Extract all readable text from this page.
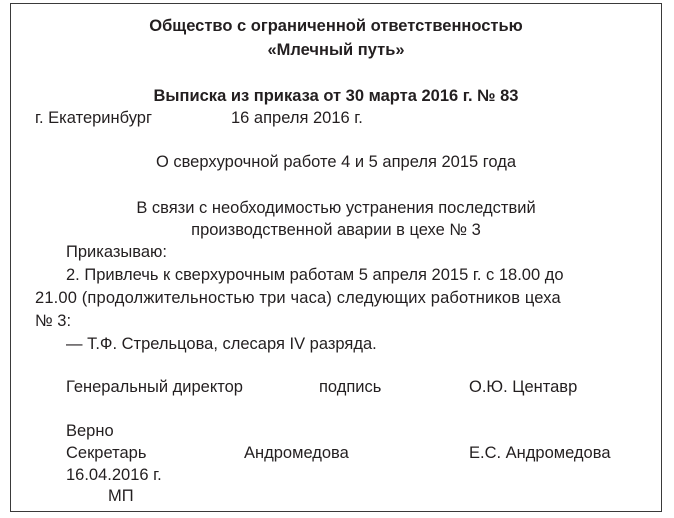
Общество с ограниченной ответственностью
«Млечный путь»
Выписка из приказа от 30 марта 2016 г. № 83
г. Екатеринбург	16 апреля 2016 г.
О сверхурочной работе 4 и 5 апреля 2015 года
В связи с необходимостью устранения последствий
производственной аварии в цехе № 3
Приказываю:
2. Привлечь к сверхурочным работам 5 апреля 2015 г. с 18.00 до
21.00 (продолжительностью три часа) следующих работников цеха
№ 3:
— Т.Ф. Стрельцова, слесаря IV разряда.
Генеральный директор	подпись	О.Ю. Центавр
Верно
Секретарь	Андромедова	Е.С. Андромедова
16.04.2016 г.
МП
